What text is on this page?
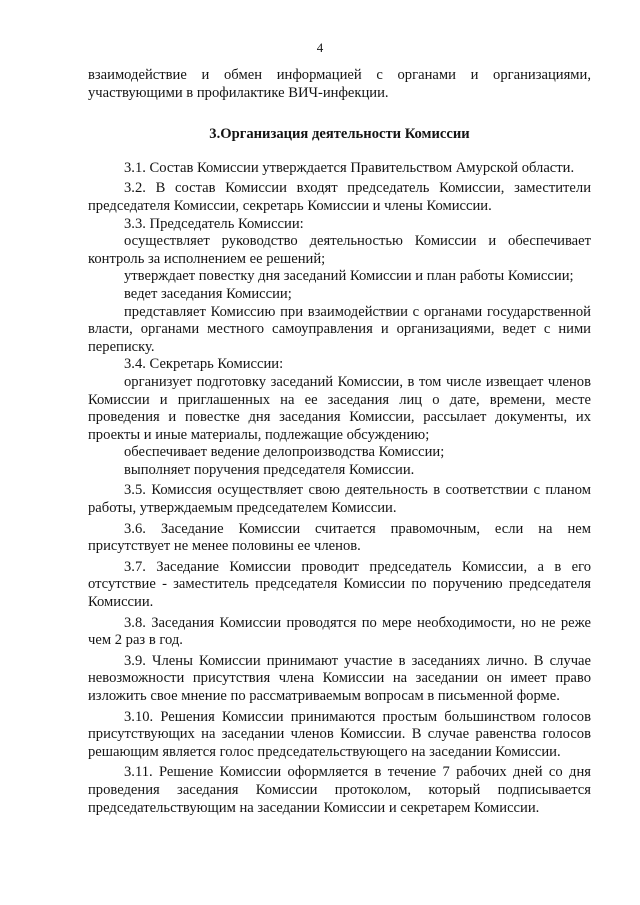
4

взаимодействие и обмен информацией с органами и организациями, участвующими в профилактике ВИЧ-инфекции.

3.Организация деятельности Комиссии

3.1. Состав Комиссии утверждается Правительством Амурской области.

3.2. В состав Комиссии входят председатель Комиссии, заместители председателя Комиссии, секретарь Комиссии и члены Комиссии.

3.3. Председатель Комиссии:

осуществляет руководство деятельностью Комиссии и обеспечивает контроль за исполнением ее решений;

утверждает повестку дня заседаний Комиссии и план работы Комиссии;

ведет заседания Комиссии;

представляет Комиссию при взаимодействии с органами государственной власти, органами местного самоуправления и организациями, ведет с ними переписку.

3.4. Секретарь Комиссии:

организует подготовку заседаний Комиссии, в том числе извещает членов Комиссии и приглашенных на ее заседания лиц о дате, времени, месте проведения и повестке дня заседания Комиссии, рассылает документы, их проекты и иные материалы, подлежащие обсуждению;

обеспечивает ведение делопроизводства Комиссии;

выполняет поручения председателя Комиссии.

3.5. Комиссия осуществляет свою деятельность в соответствии с планом работы, утверждаемым председателем Комиссии.

3.6. Заседание Комиссии считается правомочным, если на нем присутствует не менее половины ее членов.

3.7. Заседание Комиссии проводит председатель Комиссии, а в его отсутствие - заместитель председателя Комиссии по поручению председателя Комиссии.

3.8. Заседания Комиссии проводятся по мере необходимости, но не реже чем 2 раз в год.

3.9. Члены Комиссии принимают участие в заседаниях лично. В случае невозможности присутствия члена Комиссии на заседании он имеет право изложить свое мнение по рассматриваемым вопросам в письменной форме.

3.10. Решения Комиссии принимаются простым большинством голосов присутствующих на заседании членов Комиссии. В случае равенства голосов решающим является голос председательствующего на заседании Комиссии.

3.11. Решение Комиссии оформляется в течение 7 рабочих дней со дня проведения заседания Комиссии протоколом, который подписывается председательствующим на заседании Комиссии и секретарем Комиссии.
